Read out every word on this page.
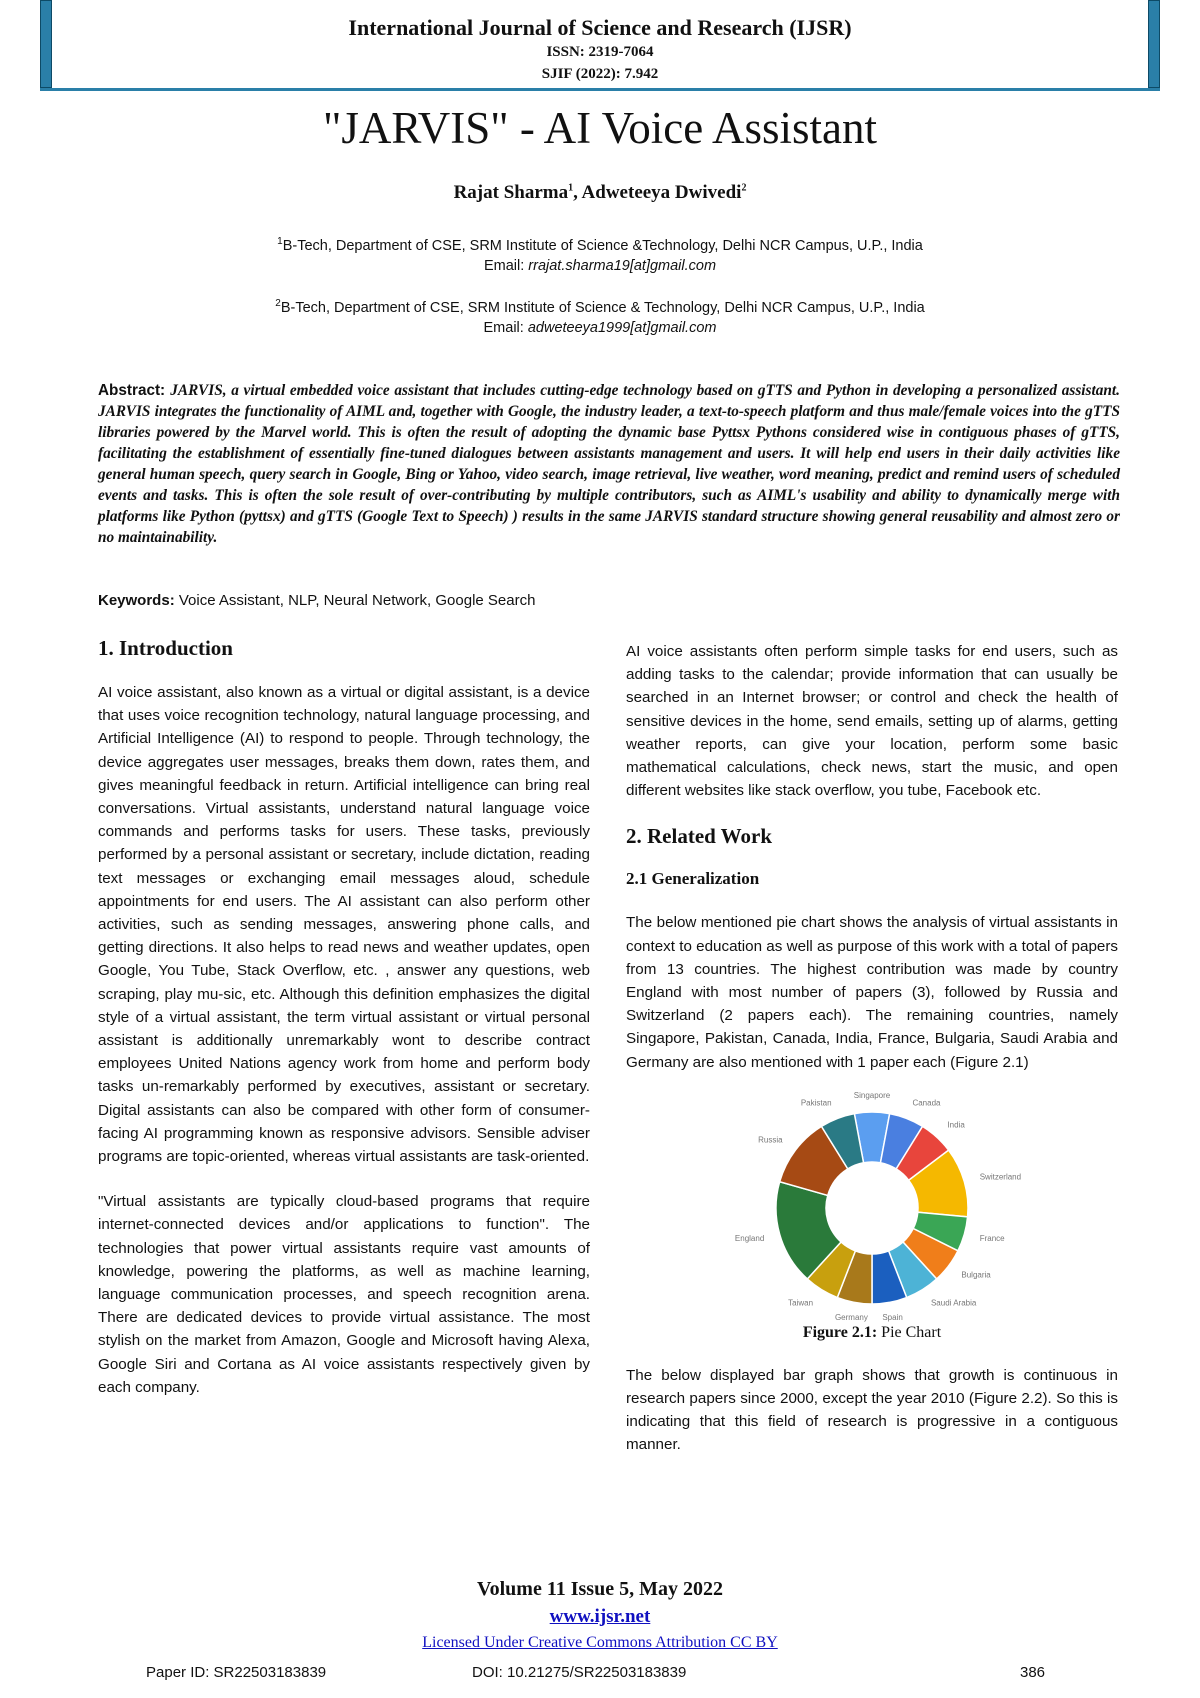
International Journal of Science and Research (IJSR)
ISSN: 2319-7064
SJIF (2022): 7.942
"JARVIS" - AI Voice Assistant
Rajat Sharma$^1$, Adweteeya Dwivedi$^2$
$^1$B-Tech, Department of CSE, SRM Institute of Science &Technology, Delhi NCR Campus, U.P., India
Email: rrajat.sharma19[at]gmail.com
$^2$B-Tech, Department of CSE, SRM Institute of Science & Technology, Delhi NCR Campus, U.P., India
Email: adweteeya1999[at]gmail.com
Abstract: JARVIS, a virtual embedded voice assistant that includes cutting-edge technology based on gTTS and Python in developing a personalized assistant. JARVIS integrates the functionality of AIML and, together with Google, the industry leader, a text-to-speech platform and thus male/female voices into the gTTS libraries powered by the Marvel world. This is often the result of adopting the dynamic base Pyttsx Pythons considered wise in contiguous phases of gTTS, facilitating the establishment of essentially fine-tuned dialogues between assistants management and users. It will help end users in their daily activities like general human speech, query search in Google, Bing or Yahoo, video search, image retrieval, live weather, word meaning, predict and remind users of scheduled events and tasks. This is often the sole result of over-contributing by multiple contributors, such as AIML's usability and ability to dynamically merge with platforms like Python (pyttsx) and gTTS (Google Text to Speech) ) results in the same JARVIS standard structure showing general reusability and almost zero or no maintainability.
Keywords: Voice Assistant, NLP, Neural Network, Google Search
1. Introduction
AI voice assistant, also known as a virtual or digital assistant, is a device that uses voice recognition technology, natural language processing, and Artificial Intelligence (AI) to respond to people. Through technology, the device aggregates user messages, breaks them down, rates them, and gives meaningful feedback in return. Artificial intelligence can bring real conversations. Virtual assistants, understand natural language voice commands and performs tasks for users. These tasks, previously performed by a personal assistant or secretary, include dictation, reading text messages or exchanging email messages aloud, schedule appointments for end users. The AI assistant can also perform other activities, such as sending messages, answering phone calls, and getting directions. It also helps to read news and weather updates, open Google, You Tube, Stack Overflow, etc. , answer any questions, web scraping, play mu-sic, etc. Although this definition emphasizes the digital style of a virtual assistant, the term virtual assistant or virtual personal assistant is additionally unremarkably wont to describe contract employees United Nations agency work from home and perform body tasks un-remarkably performed by executives, assistant or secretary. Digital assistants can also be compared with other form of consumer-facing AI programming known as responsive advisors. Sensible adviser programs are topic-oriented, whereas virtual assistants are task-oriented.
"Virtual assistants are typically cloud-based programs that require internet-connected devices and/or applications to function". The technologies that power virtual assistants require vast amounts of knowledge, powering the platforms, as well as machine learning, language communication processes, and speech recognition arena. There are dedicated devices to provide virtual assistance. The most stylish on the market from Amazon, Google and Microsoft having Alexa, Google Siri and Cortana as AI voice assistants respectively given by each company.
AI voice assistants often perform simple tasks for end users, such as adding tasks to the calendar; provide information that can usually be searched in an Internet browser; or control and check the health of sensitive devices in the home, send emails, setting up of alarms, getting weather reports, can give your location, perform some basic mathematical calculations, check news, start the music, and open different websites like stack overflow, you tube, Facebook etc.
2. Related Work
2.1 Generalization
The below mentioned pie chart shows the analysis of virtual assistants in context to education as well as purpose of this work with a total of papers from 13 countries. The highest contribution was made by country England with most number of papers (3), followed by Russia and Switzerland (2 papers each). The remaining countries, namely Singapore, Pakistan, Canada, India, France, Bulgaria, Saudi Arabia and Germany are also mentioned with 1 paper each (Figure 2.1)
Singapore
Canada
India
Switzerland
France
Bulgaria
Saudi Arabia
Spain
Germany
Taiwan
England
Russia
Pakistan
Figure 2.1: Pie Chart
The below displayed bar graph shows that growth is continuous in research papers since 2000, except the year 2010 (Figure 2.2). So this is indicating that this field of research is progressive in a contiguous manner.
Volume 11 Issue 5, May 2022
www.ijsr.net
Licensed Under Creative Commons Attribution CC BY
Paper ID: SR22503183839	DOI: 10.21275/SR22503183839	386
